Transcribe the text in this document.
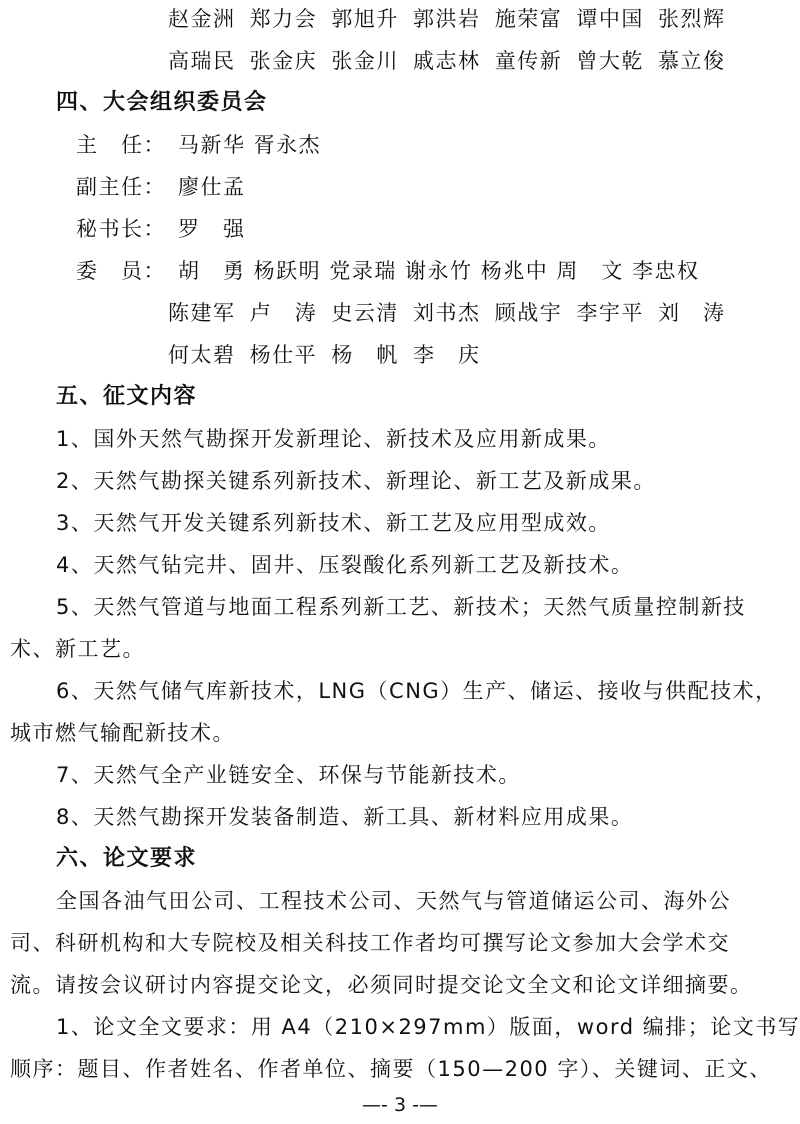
赵金洲 郑力会 郭旭升 郭洪岩 施荣富 谭中国 张烈辉
高瑞民 张金庆 张金川 戚志林 童传新 曾大乾 慕立俊
四、大会组织委员会
主　任： 马新华 胥永杰
副主任： 廖仕孟
秘书长： 罗　强
委　员： 胡　勇 杨跃明 党录瑞 谢永竹 杨兆中 周　文 李忠权
陈建军 卢　涛 史云清 刘书杰 顾战宇 李宇平 刘　涛
何太碧 杨仕平 杨　帆 李　庆
五、征文内容
1、国外天然气勘探开发新理论、新技术及应用新成果。
2、天然气勘探关键系列新技术、新理论、新工艺及新成果。
3、天然气开发关键系列新技术、新工艺及应用型成效。
4、天然气钻完井、固井、压裂酸化系列新工艺及新技术。
5、天然气管道与地面工程系列新工艺、新技术；天然气质量控制新技
术、新工艺。
6、天然气储气库新技术，LNG（CNG）生产、储运、接收与供配技术，
城市燃气输配新技术。
7、天然气全产业链安全、环保与节能新技术。
8、天然气勘探开发装备制造、新工具、新材料应用成果。
六、论文要求
全国各油气田公司、工程技术公司、天然气与管道储运公司、海外公
司、科研机构和大专院校及相关科技工作者均可撰写论文参加大会学术交
流。请按会议研讨内容提交论文，必须同时提交论文全文和论文详细摘要。
1、论文全文要求：用 A4（210×297mm）版面，word 编排；论文书写
顺序：题目、作者姓名、作者单位、摘要（150—200 字）、关键词、正文、
—- 3 -—
